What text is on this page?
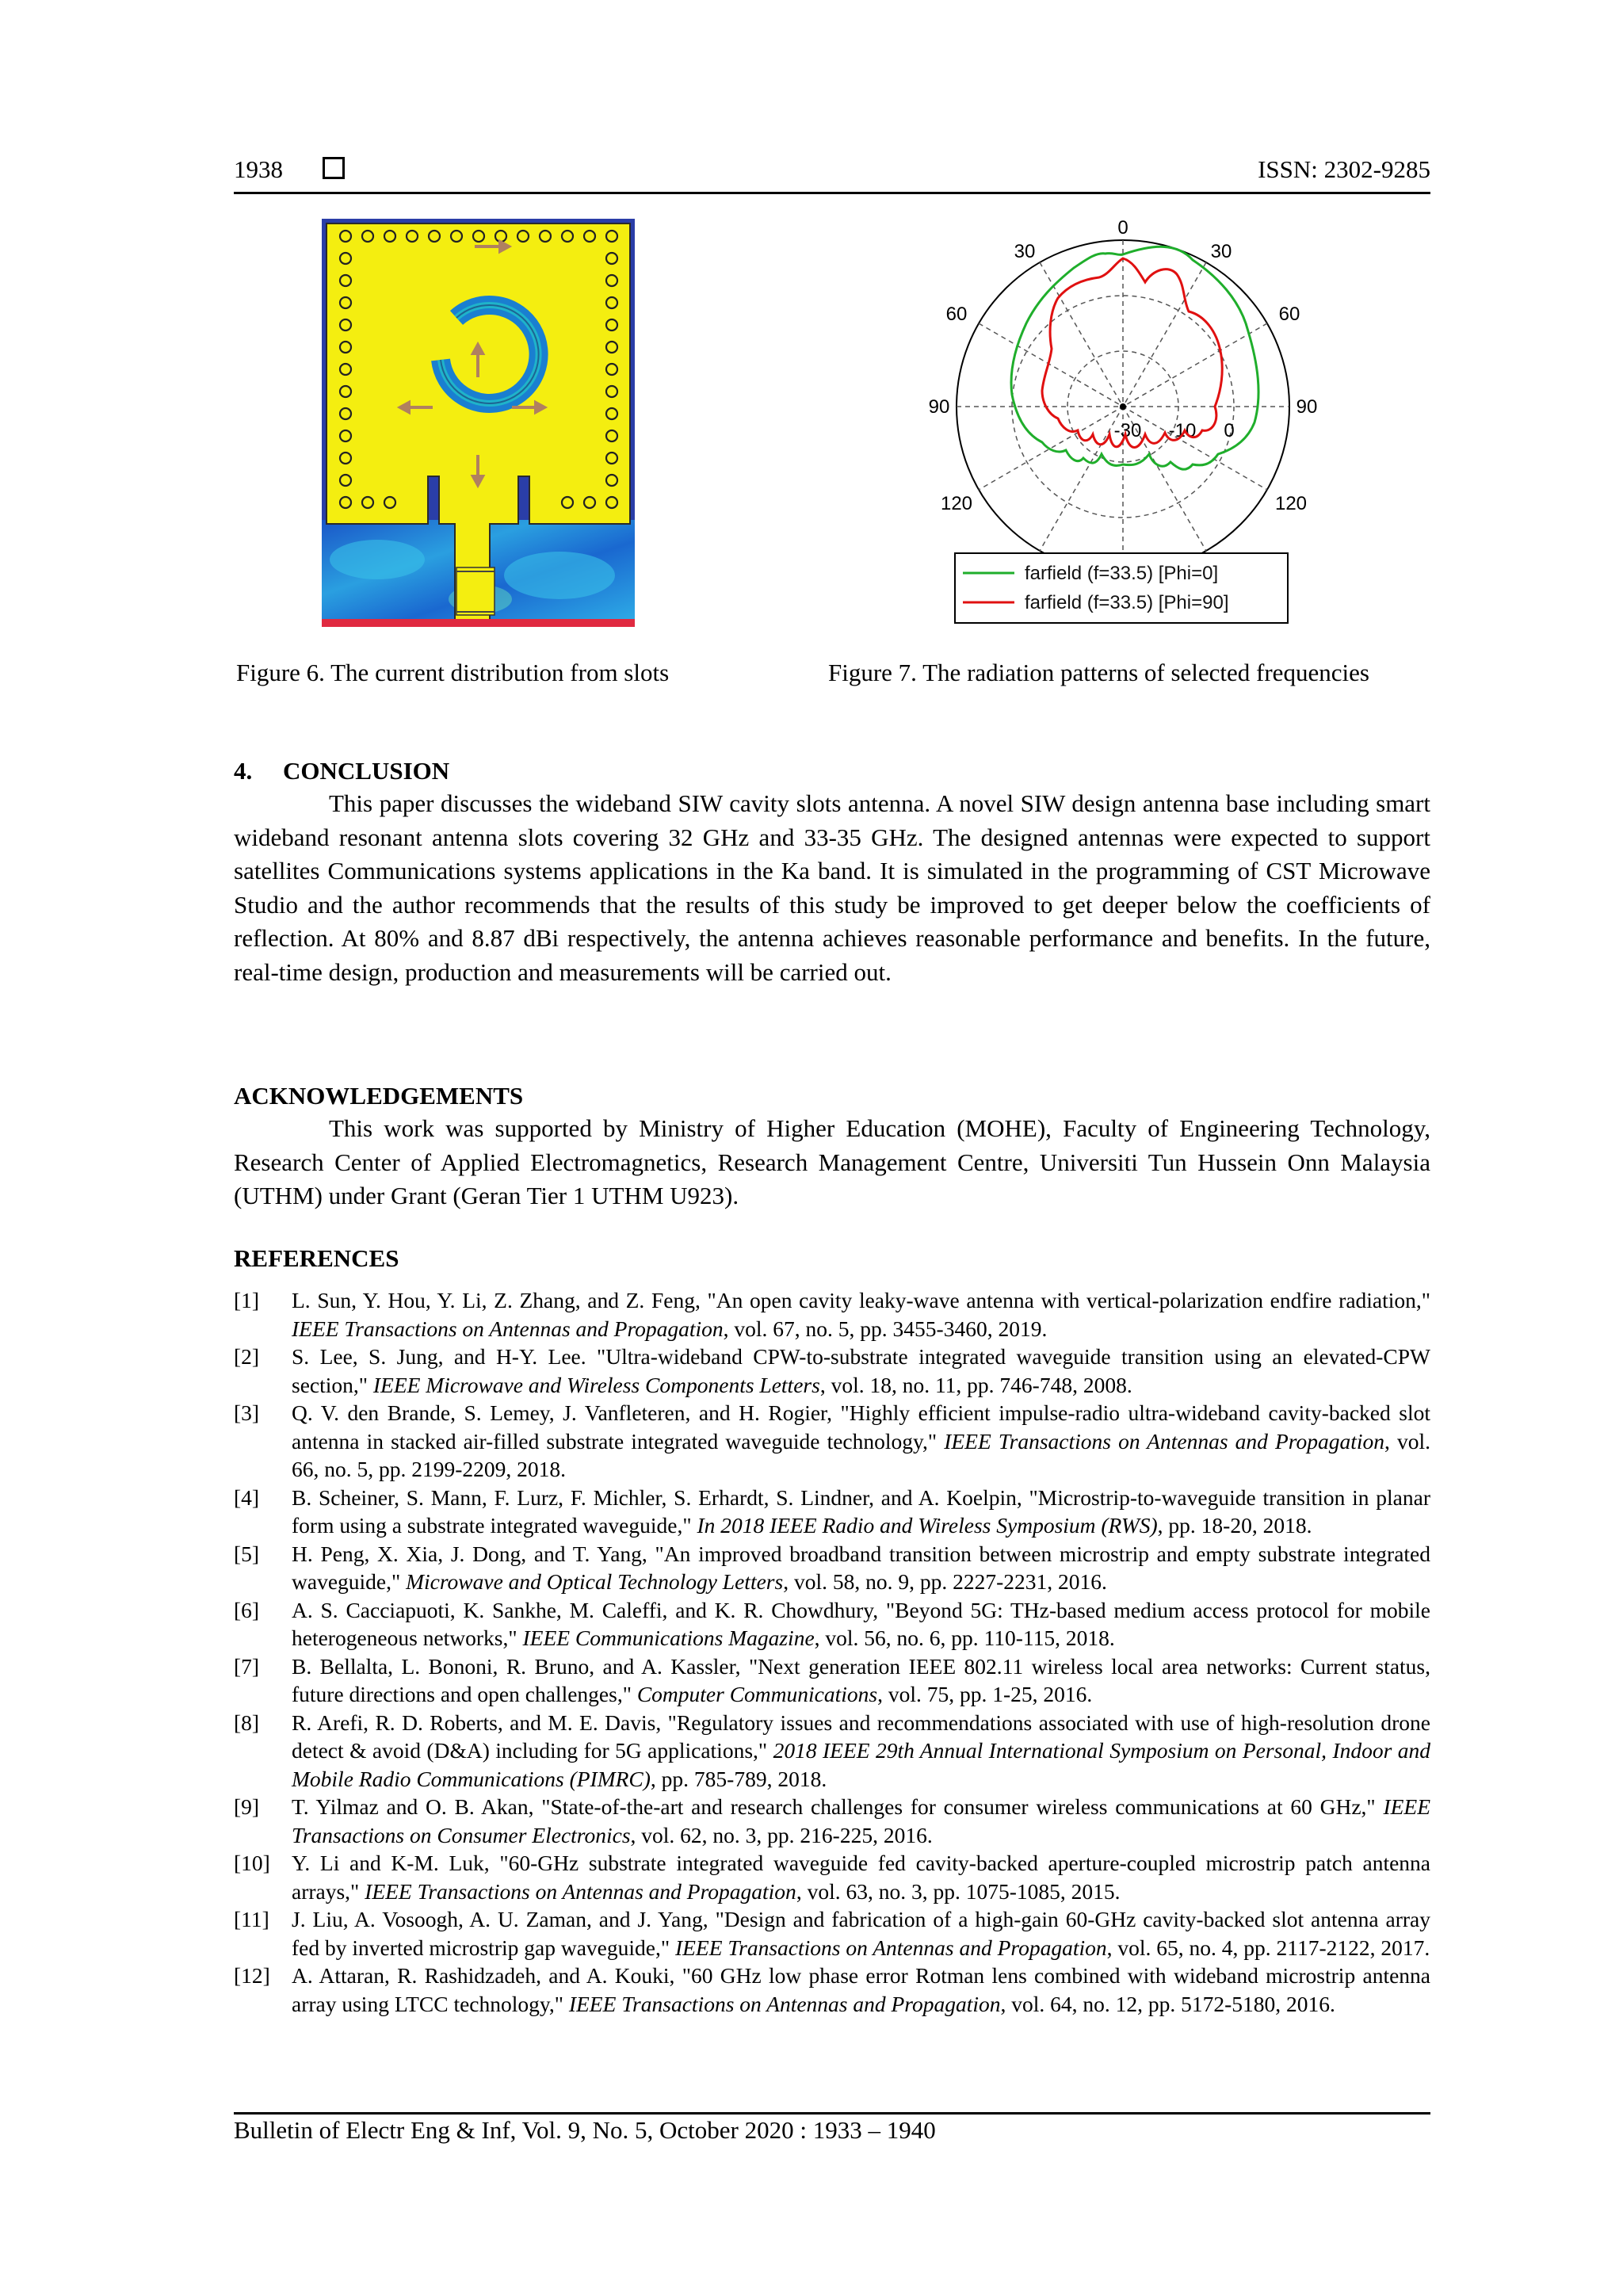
1938	ISSN: 2302-9285
0
30	30
60	60
90	90
120	120
-30 -10 0
farfield (f=33.5) [Phi=0]
farfield (f=33.5) [Phi=90]
Figure 6. The current distribution from slots	Figure 7. The radiation patterns of selected frequencies
4.     CONCLUSION
This paper discusses the wideband SIW cavity slots antenna. A novel SIW design antenna base including smart wideband resonant antenna slots covering 32 GHz and 33-35 GHz. The designed antennas were expected to support satellites Communications systems applications in the Ka band. It is simulated in the programming of CST Microwave Studio and the author recommends that the results of this study be improved to get deeper below the coefficients of reflection. At 80% and 8.87 dBi respectively, the antenna achieves reasonable performance and benefits. In the future, real-time design, production and measurements will be carried out.
ACKNOWLEDGEMENTS
This work was supported by Ministry of Higher Education (MOHE), Faculty of Engineering Technology, Research Center of Applied Electromagnetics, Research Management Centre, Universiti Tun Hussein Onn Malaysia (UTHM) under Grant (Geran Tier 1 UTHM U923).
REFERENCES
[1]	L. Sun, Y. Hou, Y. Li, Z. Zhang, and Z. Feng, "An open cavity leaky-wave antenna with vertical-polarization endfire radiation," IEEE Transactions on Antennas and Propagation, vol. 67, no. 5, pp. 3455-3460, 2019.
[2]	S. Lee, S. Jung, and H-Y. Lee. "Ultra-wideband CPW-to-substrate integrated waveguide transition using an elevated-CPW section," IEEE Microwave and Wireless Components Letters, vol. 18, no. 11, pp. 746-748, 2008.
[3]	Q. V. den Brande, S. Lemey, J. Vanfleteren, and H. Rogier, "Highly efficient impulse-radio ultra-wideband cavity-backed slot antenna in stacked air-filled substrate integrated waveguide technology," IEEE Transactions on Antennas and Propagation, vol. 66, no. 5, pp. 2199-2209, 2018.
[4]	B. Scheiner, S. Mann, F. Lurz, F. Michler, S. Erhardt, S. Lindner, and A. Koelpin, "Microstrip-to-waveguide transition in planar form using a substrate integrated waveguide," In 2018 IEEE Radio and Wireless Symposium (RWS), pp. 18-20, 2018.
[5]	H. Peng, X. Xia, J. Dong, and T. Yang, "An improved broadband transition between microstrip and empty substrate integrated waveguide," Microwave and Optical Technology Letters, vol. 58, no. 9, pp. 2227-2231, 2016.
[6]	A. S. Cacciapuoti, K. Sankhe, M. Caleffi, and K. R. Chowdhury, "Beyond 5G: THz-based medium access protocol for mobile heterogeneous networks," IEEE Communications Magazine, vol. 56, no. 6, pp. 110-115, 2018.
[7]	B. Bellalta, L. Bononi, R. Bruno, and A. Kassler, "Next generation IEEE 802.11 wireless local area networks: Current status, future directions and open challenges," Computer Communications, vol. 75, pp. 1-25, 2016.
[8]	R. Arefi, R. D. Roberts, and M. E. Davis, "Regulatory issues and recommendations associated with use of high-resolution drone detect & avoid (D&A) including for 5G applications," 2018 IEEE 29th Annual International Symposium on Personal, Indoor and Mobile Radio Communications (PIMRC), pp. 785-789, 2018.
[9]	T. Yilmaz and O. B. Akan, "State-of-the-art and research challenges for consumer wireless communications at 60 GHz," IEEE Transactions on Consumer Electronics, vol. 62, no. 3, pp. 216-225, 2016.
[10] Y. Li and K-M. Luk, "60-GHz substrate integrated waveguide fed cavity-backed aperture-coupled microstrip patch antenna arrays," IEEE Transactions on Antennas and Propagation, vol. 63, no. 3, pp. 1075-1085, 2015.
[11]	J. Liu, A. Vosoogh, A. U. Zaman, and J. Yang, "Design and fabrication of a high-gain 60-GHz cavity-backed slot antenna array fed by inverted microstrip gap waveguide," IEEE Transactions on Antennas and Propagation, vol. 65, no. 4, pp. 2117-2122, 2017.
[12] A. Attaran, R. Rashidzadeh, and A. Kouki, "60 GHz low phase error Rotman lens combined with wideband microstrip antenna array using LTCC technology," IEEE Transactions on Antennas and Propagation, vol. 64, no. 12, pp. 5172-5180, 2016.
Bulletin of Electr Eng & Inf, Vol. 9, No. 5, October 2020 : 1933 – 1940
